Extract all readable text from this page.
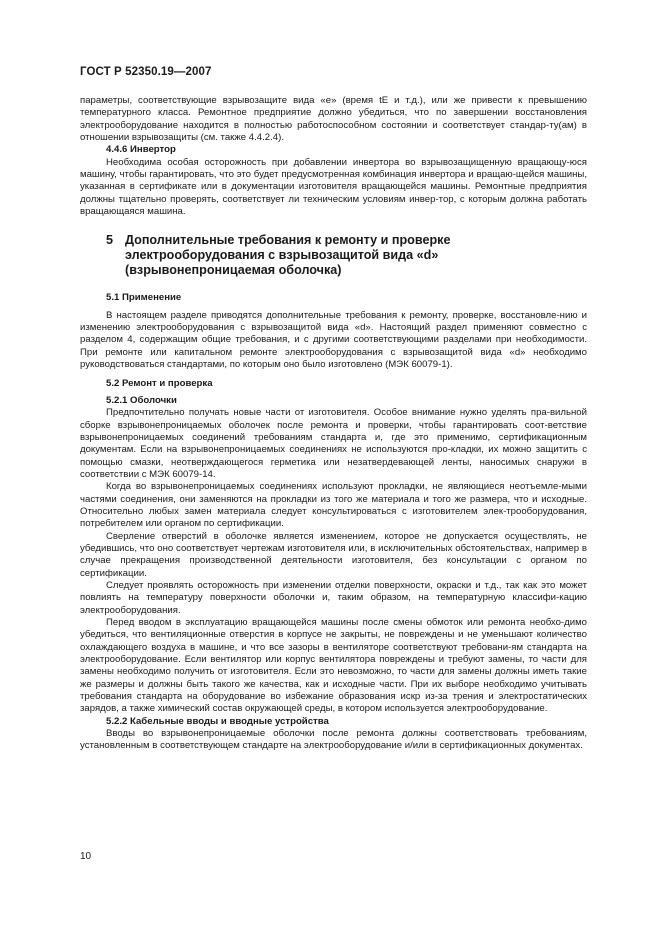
ГОСТ Р 52350.19—2007

параметры, соответствующие взрывозащите вида «е» (время tE и т.д.), или же привести к превышению температурного класса. Ремонтное предприятие должно убедиться, что по завершении восстановления электрооборудование находится в полностью работоспособном состоянии и соответствует стандар-ту(ам) в отношении взрывозащиты (см. также 4.4.2.4).

4.4.6 Инвертор

Необходима особая осторожность при добавлении инвертора во взрывозащищенную вращающу-юся машину, чтобы гарантировать, что это будет предусмотренная комбинация инвертора и вращаю-щейся машины, указанная в сертификате или в документации изготовителя вращающейся машины. Ремонтные предприятия должны тщательно проверять, соответствует ли техническим условиям инвер-тор, с которым должна работать вращающаяся машина.

5 Дополнительные требования к ремонту и проверке
электрооборудования с взрывозащитой вида «d»
(взрывонепроницаемая оболочка)

5.1 Применение

В настоящем разделе приводятся дополнительные требования к ремонту, проверке, восстановле-нию и изменению электрооборудования с взрывозащитой вида «d». Настоящий раздел применяют совместно с разделом 4, содержащим общие требования, и с другими соответствующими разделами при необходимости. При ремонте или капитальном ремонте электрооборудования с взрывозащитой вида «d» необходимо руководствоваться стандартами, по которым оно было изготовлено (МЭК 60079-1).

5.2 Ремонт и проверка

5.2.1 Оболочки

Предпочтительно получать новые части от изготовителя. Особое внимание нужно уделять пра-вильной сборке взрывонепроницаемых оболочек после ремонта и проверки, чтобы гарантировать соот-ветствие взрывонепроницаемых соединений требованиям стандарта и, где это применимо, сертификационным документам. Если на взрывонепроницаемых соединениях не используются про-кладки, их можно защитить с помощью смазки, неотверждающегося герметика или незатвердевающей ленты, наносимых снаружи в соответствии с МЭК 60079-14.

Когда во взрывонепроницаемых соединениях используют прокладки, не являющиеся неотъемле-мыми частями соединения, они заменяются на прокладки из того же материала и того же размера, что и исходные. Относительно любых замен материала следует консультироваться с изготовителем элек-трооборудования, потребителем или органом по сертификации.

Сверление отверстий в оболочке является изменением, которое не допускается осуществлять, не убедившись, что оно соответствует чертежам изготовителя или, в исключительных обстоятельствах, например в случае прекращения производственной деятельности изготовителя, без консультации с органом по сертификации.

Следует проявлять осторожность при изменении отделки поверхности, окраски и т.д., так как это может повлиять на температуру поверхности оболочки и, таким образом, на температурную классифи-кацию электрооборудования.

Перед вводом в эксплуатацию вращающейся машины после смены обмоток или ремонта необхо-димо убедиться, что вентиляционные отверстия в корпусе не закрыты, не повреждены и не уменьшают количество охлаждающего воздуха в машине, и что все зазоры в вентиляторе соответствуют требовани-ям стандарта на электрооборудование. Если вентилятор или корпус вентилятора повреждены и требуют замены, то части для замены необходимо получить от изготовителя. Если это невозможно, то части для замены должны иметь такие же размеры и должны быть такого же качества, как и исходные части. При их выборе необходимо учитывать требования стандарта на оборудование во избежание образования искр из-за трения и электростатических зарядов, а также химический состав окружающей среды, в котором используется электрооборудование.

5.2.2 Кабельные вводы и вводные устройства

Вводы во взрывонепроницаемые оболочки после ремонта должны соответствовать требованиям, установленным в соответствующем стандарте на электрооборудование и/или в сертификационных документах.

10
